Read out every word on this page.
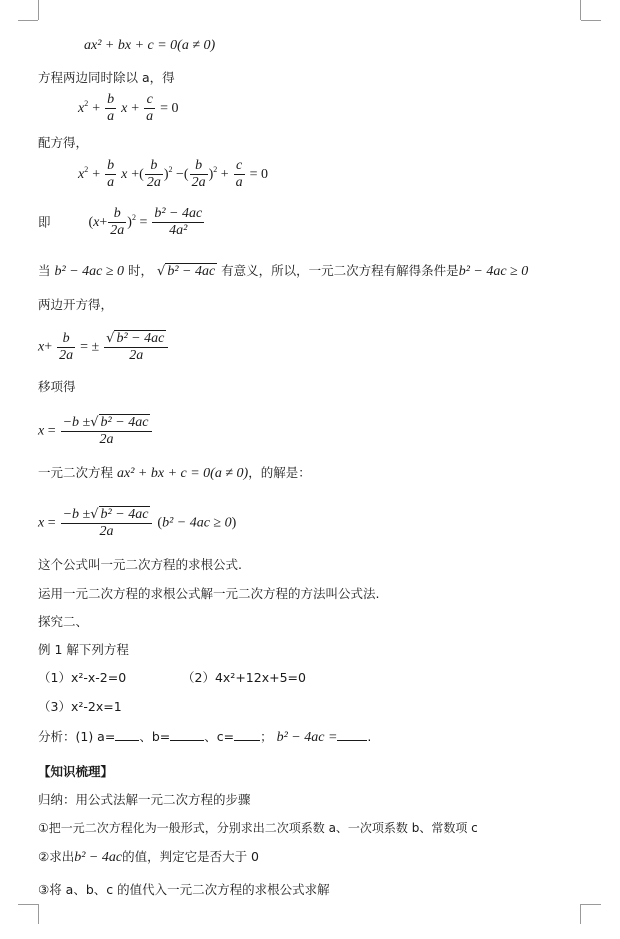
ax² + bx + c = 0(a ≠ 0)
方程两边同时除以 a，得
$x^2 + \frac{b}{a}$ $x + \frac{c}{a} = 0$
配方得，
$x^2 + \frac{b}{a}$ x +( $\frac{b}{2a} )^2$ −( $\frac{b}{2a} )^2 + \frac{c}{a} = 0$
即	$(x+ \frac{b}{2a} )^2 = \frac{\text{b² − 4ac}}{\text{4a²}}$
当 b² − 4ac ≥ 0 时， √ b² − 4ac 有意义，所以，一元二次方程有解得条件是b² − 4ac ≥ 0
两边开方得，
$x+ \frac{b}{2a}$ = ± $\frac{\text{√ b² − 4ac}}{2a}$
移项得
$x = \frac{\text{−b ±√ b² − 4ac}}{2a}$
一元二次方程 ax² + bx + c = 0(a ≠ 0)，的解是：
$x = \frac{\text{−b ±√ b² − 4ac}}{2a} (b^2 - 4ac \ge 0)$
这个公式叫一元二次方程的求根公式.
运用一元二次方程的求根公式解一元二次方程的方法叫公式法.
探究二、
例 1 解下列方程
（1）x²-x-2=0	（2）4x²+12x+5=0
（3）x²-2x=1
分析：(1) a= 、b=	、c= ； b² − 4ac = .
【知识梳理】
归纳：用公式法解一元二次方程的步骤
①把一元二次方程化为一般形式，分别求出二次项系数 a、一次项系数 b、常数项 c
②求出b² − 4ac的值，判定它是否大于 0
③将 a、b、c 的值代入一元二次方程的求根公式求解
